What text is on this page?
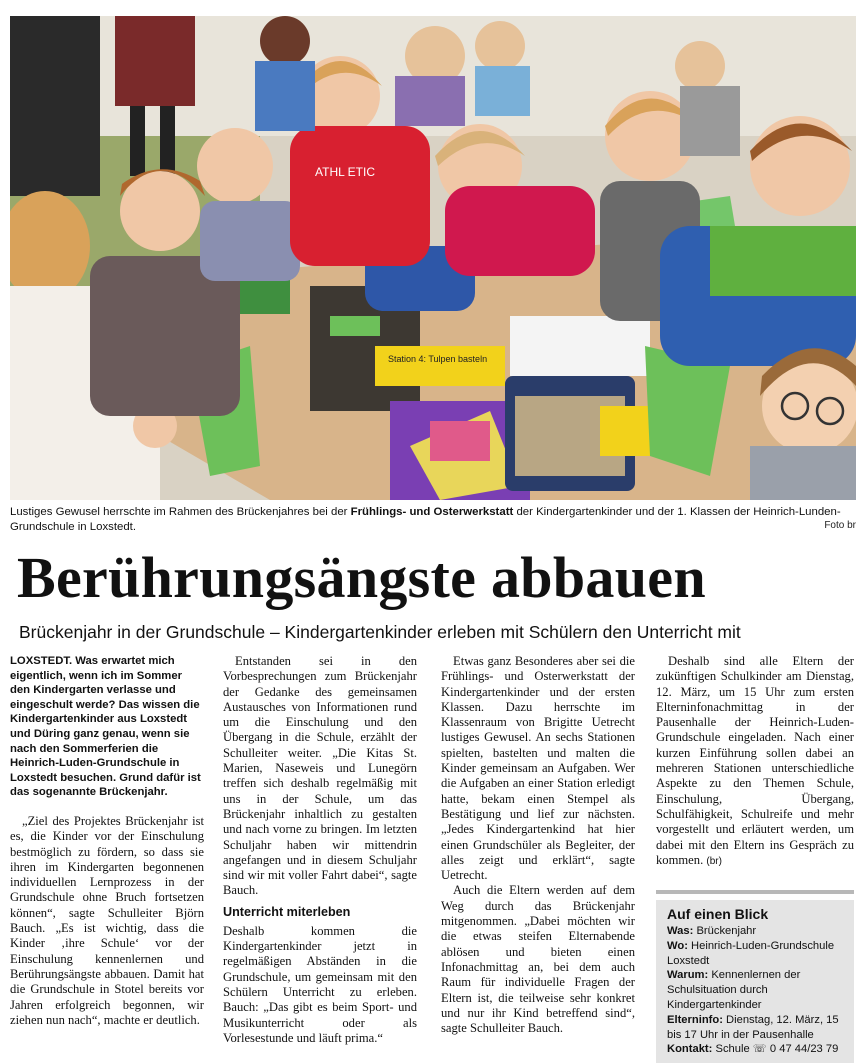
Station 4: Tulpen basteln
ATHL ETIC
Lustiges Gewusel herrschte im Rahmen des Brückenjahres bei der Frühlings- und Osterwerkstatt der Kindergartenkinder und der 1. Klassen der Heinrich-Lunden-Grundschule in Loxstedt.	Foto br
Berührungsängste abbauen
Brückenjahr in der Grundschule – Kindergartenkinder erleben mit Schülern den Unterricht mit

LOXSTEDT. Was erwartet mich eigentlich, wenn ich im Sommer den Kindergarten verlasse und eingeschult werde? Das wissen die Kindergartenkinder aus Loxstedt und Düring ganz genau, wenn sie nach den Sommerferien die Heinrich-Luden-Grundschule in Loxstedt besuchen. Grund dafür ist das sogenannte Brückenjahr.

„Ziel des Projektes Brückenjahr ist es, die Kinder vor der Einschulung bestmöglich zu fördern, so dass sie ihren im Kindergarten begonnenen individuellen Lernprozess in der Grundschule ohne Bruch fortsetzen können“, sagte Schulleiter Björn Bauch. „Es ist wichtig, dass die Kinder ‚ihre Schule‘ vor der Einschulung kennenlernen und Berührungsängste abbauen. Damit hat die Grundschule in Stotel bereits vor Jahren erfolgreich begonnen, wir ziehen nun nach“, machte er deutlich.

Entstanden sei in den Vorbesprechungen zum Brückenjahr der Gedanke des gemeinsamen Austausches von Informationen rund um die Einschulung und den Übergang in die Schule, erzählt der Schulleiter weiter. „Die Kitas St. Marien, Naseweis und Lunegörn treffen sich deshalb regelmäßig mit uns in der Schule, um das Brückenjahr inhaltlich zu gestalten und nach vorne zu bringen. Im letzten Schuljahr haben wir mittendrin angefangen und in diesem Schuljahr sind wir mit voller Fahrt dabei“, sagte Bauch.

Unterricht miterleben

Deshalb kommen die Kindergartenkinder jetzt in regelmäßigen Abständen in die Grundschule, um gemeinsam mit den Schülern Unterricht zu erleben. Bauch: „Das gibt es beim Sport- und Musikunterricht oder als Vorlesestunde und läuft prima.“

Etwas ganz Besonderes aber sei die Frühlings- und Osterwerkstatt der Kindergartenkinder und der ersten Klassen. Dazu herrschte im Klassenraum von Brigitte Uetrecht lustiges Gewusel. An sechs Stationen spielten, bastelten und malten die Kinder gemeinsam an Aufgaben. Wer die Aufgaben an einer Station erledigt hatte, bekam einen Stempel als Bestätigung und lief zur nächsten. „Jedes Kindergartenkind hat hier einen Grundschüler als Begleiter, der alles zeigt und erklärt“, sagte Uetrecht.

Auch die Eltern werden auf dem Weg durch das Brückenjahr mitgenommen. „Dabei möchten wir die etwas steifen Elternabende ablösen und bieten einen Infonachmittag an, bei dem auch Raum für individuelle Fragen der Eltern ist, die teilweise sehr konkret und nur ihr Kind betreffend sind“, sagte Schulleiter Bauch.

Deshalb sind alle Eltern der zukünftigen Schulkinder am Dienstag, 12. März, um 15 Uhr zum ersten Elterninfonachmittag in der Pausenhalle der Heinrich-Luden-Grundschule eingeladen. Nach einer kurzen Einführung sollen dabei an mehreren Stationen unterschiedliche Aspekte zu den Themen Schule, Einschulung, Übergang, Schulfähigkeit, Schulreife und mehr vorgestellt und erläutert werden, um dabei mit den Eltern ins Gespräch zu kommen. (br)

Auf einen Blick
Was: Brückenjahr
Wo: Heinrich-Luden-Grundschule Loxstedt
Warum: Kennenlernen der Schulsituation durch Kindergartenkinder
Elterninfo: Dienstag, 12. März, 15 bis 17 Uhr in der Pausenhalle
Kontakt: Schule ☏ 0 47 44/23 79
